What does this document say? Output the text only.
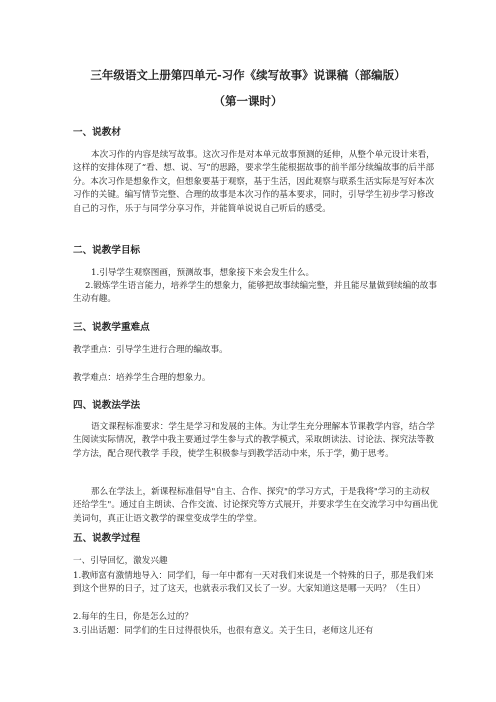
三年级语文上册第四单元-习作《续写故事》说课稿（部编版）
（第一课时）
一、说教材
本次习作的内容是续写故事。这次习作是对本单元故事预测的延伸，从整个单元设计来看，这样的安排体现了“看、想、说、写”的思路，要求学生能根据故事的前半部分续编故事的后半部分。本次习作是想象作文，但想象要基于观察，基于生活，因此观察与联系生活实际是写好本次习作的关键。编写情节完整、合理的故事是本次习作的基本要求，同时，引导学生初步学习修改自己的习作，乐于与同学分享习作，并能简单说说自己听后的感受。
二、说教学目标
1.引导学生观察图画，预测故事，想象接下来会发生什么。
2.锻炼学生语言能力，培养学生的想象力，能够把故事续编完整，并且能尽量做到续编的故事生动有趣。
三、说教学重难点
教学重点：引导学生进行合理的编故事。
教学难点：培养学生合理的想象力。
四、说教法学法
语文课程标准要求：学生是学习和发展的主体。为让学生充分理解本节课教学内容，结合学生阅读实际情况，教学中我主要通过学生参与式的教学模式，采取朗读法、讨论法、探究法等教学方法，配合现代教学 手段，使学生积极参与到教学活动中来，乐于学，勤于思考。
那么在学法上，新课程标准倡导"自主、合作、探究"的学习方式，于是我将"学习的主动权还给学生"。通过自主朗读、合作交流、讨论探究等方式展开，并要求学生在交流学习中勾画出优美词句，真正让语文教学的课堂变成学生的学堂。
五、说教学过程
一、引导回忆，激发兴趣
1.教师富有激情地导入：同学们，每一年中都有一天对我们来说是一个特殊的日子，那是我们来到这个世界的日子，过了这天，也就表示我们又长了一岁。大家知道这是哪一天吗？（生日）
2.每年的生日，你是怎么过的？
3.引出话题：同学们的生日过得很快乐，也很有意义。关于生日，老师这儿还有
